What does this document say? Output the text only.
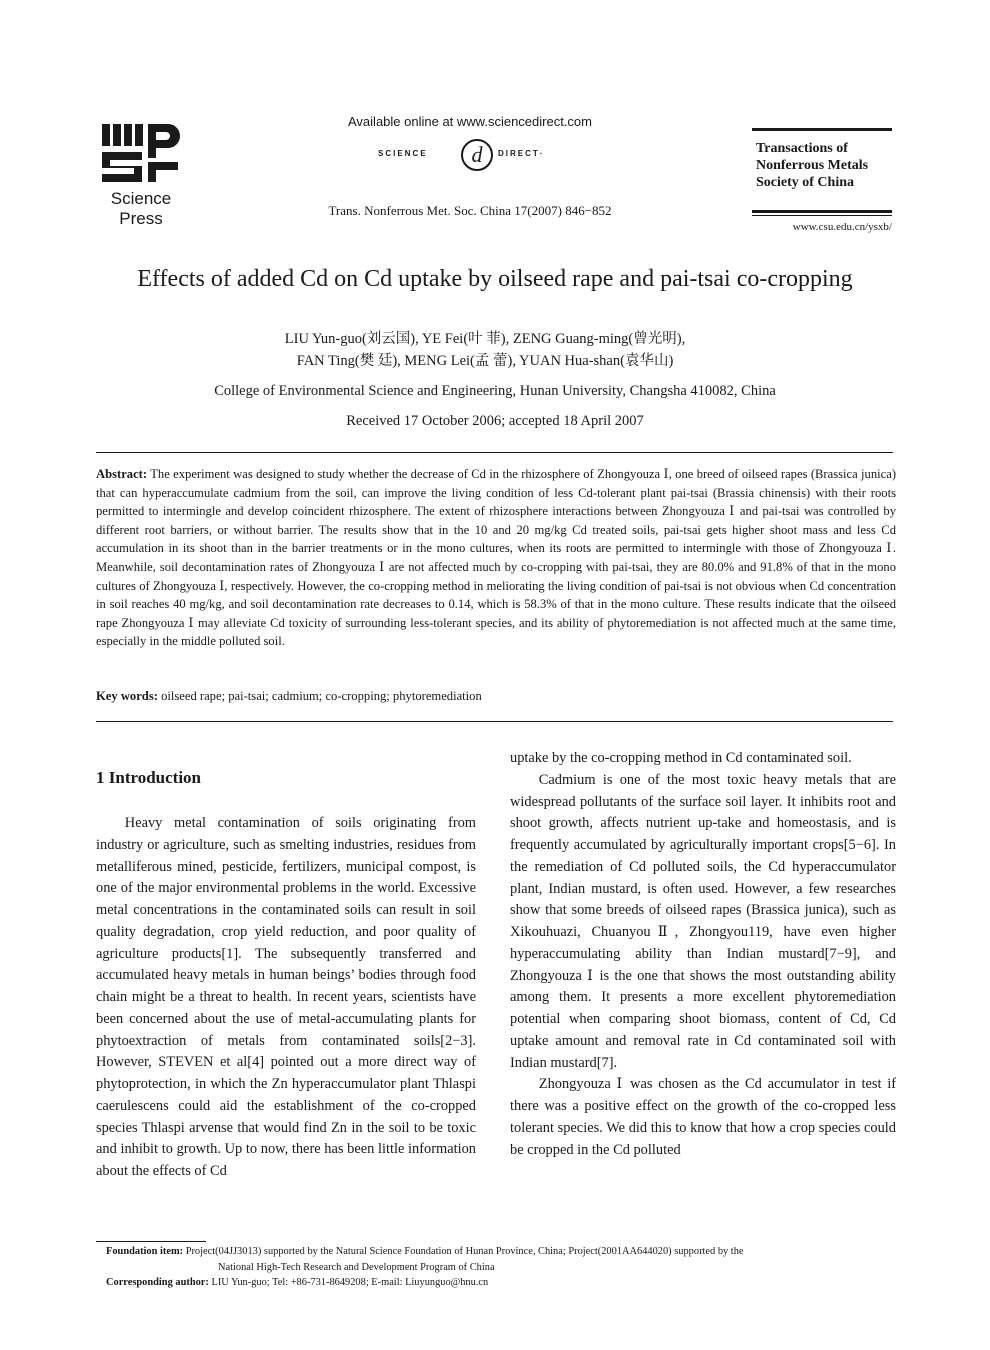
Science
Press
Available online at www.sciencedirect.com
SCIENCE d DIRECT·
Trans. Nonferrous Met. Soc. China 17(2007) 846−852
Transactions of Nonferrous Metals Society of China
www.csu.edu.cn/ysxb/
Effects of added Cd on Cd uptake by oilseed rape and pai-tsai co-cropping
LIU Yun-guo(刘云国), YE Fei(叶 菲), ZENG Guang-ming(曾光明),
FAN Ting(樊 廷), MENG Lei(孟 蕾), YUAN Hua-shan(袁华山)
College of Environmental Science and Engineering, Hunan University, Changsha 410082, China
Received 17 October 2006; accepted 18 April 2007
Abstract: The experiment was designed to study whether the decrease of Cd in the rhizosphere of Zhongyouza Ⅰ, one breed of oilseed rapes (Brassica junica) that can hyperaccumulate cadmium from the soil, can improve the living condition of less Cd-tolerant plant pai-tsai (Brassia chinensis) with their roots permitted to intermingle and develop coincident rhizosphere. The extent of rhizosphere interactions between Zhongyouza Ⅰ and pai-tsai was controlled by different root barriers, or without barrier. The results show that in the 10 and 20 mg/kg Cd treated soils, pai-tsai gets higher shoot mass and less Cd accumulation in its shoot than in the barrier treatments or in the mono cultures, when its roots are permitted to intermingle with those of Zhongyouza Ⅰ. Meanwhile, soil decontamination rates of Zhongyouza Ⅰ are not affected much by co-cropping with pai-tsai, they are 80.0% and 91.8% of that in the mono cultures of Zhongyouza Ⅰ, respectively. However, the co-cropping method in meliorating the living condition of pai-tsai is not obvious when Cd concentration in soil reaches 40 mg/kg, and soil decontamination rate decreases to 0.14, which is 58.3% of that in the mono culture. These results indicate that the oilseed rape Zhongyouza Ⅰ may alleviate Cd toxicity of surrounding less-tolerant species, and its ability of phytoremediation is not affected much at the same time, especially in the middle polluted soil.
Key words: oilseed rape; pai-tsai; cadmium; co-cropping; phytoremediation
1 Introduction

Heavy metal contamination of soils originating from industry or agriculture, such as smelting industries, residues from metalliferous mined, pesticide, fertilizers, municipal compost, is one of the major environmental problems in the world. Excessive metal concentrations in the contaminated soils can result in soil quality degradation, crop yield reduction, and poor quality of agriculture products[1]. The subsequently transferred and accumulated heavy metals in human beings’ bodies through food chain might be a threat to health. In recent years, scientists have been concerned about the use of metal-accumulating plants for phytoextraction of metals from contaminated soils[2−3]. However, STEVEN et al[4] pointed out a more direct way of phytoprotection, in which the Zn hyperaccumulator plant Thlaspi caerulescens could aid the establishment of the co-cropped species Thlaspi arvense that would find Zn in the soil to be toxic and inhibit to growth. Up to now, there has been little information about the effects of Cd

uptake by the co-cropping method in Cd contaminated soil.

Cadmium is one of the most toxic heavy metals that are widespread pollutants of the surface soil layer. It inhibits root and shoot growth, affects nutrient up-take and homeostasis, and is frequently accumulated by agriculturally important crops[5−6]. In the remediation of Cd polluted soils, the Cd hyperaccumulator plant, Indian mustard, is often used. However, a few researches show that some breeds of oilseed rapes (Brassica junica), such as Xikouhuazi, ChuanyouⅡ, Zhongyou119, have even higher hyperaccumulating ability than Indian mustard[7−9], and Zhongyouza Ⅰ is the one that shows the most outstanding ability among them. It presents a more excellent phytoremediation potential when comparing shoot biomass, content of Cd, Cd uptake amount and removal rate in Cd contaminated soil with Indian mustard[7].

Zhongyouza Ⅰ was chosen as the Cd accumulator in test if there was a positive effect on the growth of the co-cropped less tolerant species. We did this to know that how a crop species could be cropped in the Cd polluted

Foundation item: Project(04JJ3013) supported by the Natural Science Foundation of Hunan Province, China; Project(2001AA644020) supported by the
National High-Tech Research and Development Program of China
Corresponding author: LIU Yun-guo; Tel: +86-731-8649208; E-mail: Liuyunguo@hnu.cn
